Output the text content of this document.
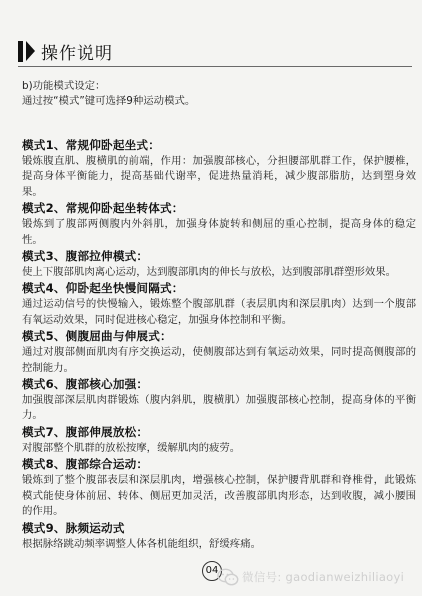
操作说明

b)功能模式设定：

通过按“模式”键可选择9种运动模式。

模式1、常规仰卧起坐式：
锻炼腹直肌、腹横肌的前端，作用：加强腹部核心，分担腰部肌群工作，保护腰椎，提高身体平衡能力，提高基础代谢率，促进热量消耗，减少腹部脂肪，达到塑身效果。
模式2、常规仰卧起坐转体式：
锻炼到了腹部两侧腹内外斜肌，加强身体旋转和侧屈的重心控制，提高身体的稳定性。
模式3、腹部拉伸模式：
使上下腹部肌肉离心运动，达到腹部肌肉的伸长与放松，达到腹部肌群塑形效果。
模式4、仰卧起坐快慢间隔式：
通过运动信号的快慢输入，锻炼整个腹部肌群（表层肌肉和深层肌肉）达到一个腹部有氧运动效果，同时促进核心稳定，加强身体控制和平衡。
模式5、侧腹屈曲与伸展式：
通过对腹部侧面肌肉有序交换运动，使侧腹部达到有氧运动效果，同时提高侧腹部的控制能力。
模式6、腹部核心加强：
加强腹部深层肌肉群锻炼（腹内斜肌，腹横肌）加强腹部核心控制，提高身体的平衡力。
模式7、腹部伸展放松：
对腹部整个肌群的放松按摩，缓解肌肉的疲劳。
模式8、腹部综合运动：
锻炼到了整个腹部表层和深层肌肉，增强核心控制，保护腰背肌群和脊椎骨，此锻炼模式能使身体前屈、转体、侧屈更加灵活，改善腹部肌肉形态，达到收腹，减小腰围的作用。
模式9、脉频运动式
根据脉络跳动频率调整人体各机能组织，舒缓疼痛。
04	微信号: gaodianweizhiliaoyi
